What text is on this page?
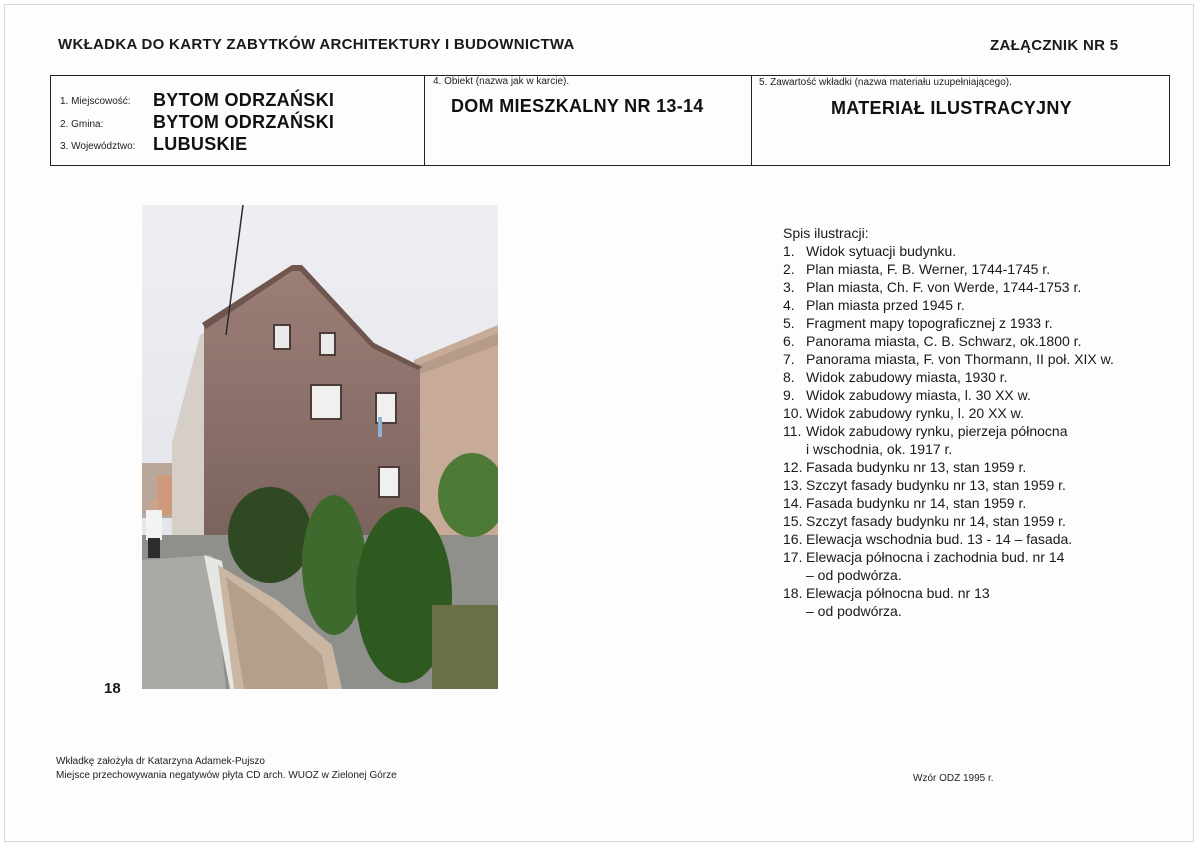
WKŁADKA DO KARTY ZABYTKÓW ARCHITEKTURY I BUDOWNICTWA	ZAŁĄCZNIK NR 5
1. Miejscowość: BYTOM ODRZAŃSKI
2. Gmina:	BYTOM ODRZAŃSKI
3. Województwo: LUBUSKIE
4. Obiekt (nazwa jak w karcie).
DOM MIESZKALNY NR 13-14
5. Zawartość wkładki (nazwa materiału uzupełniającego).
MATERIAŁ ILUSTRACYJNY
18
Spis ilustracji:
1. Widok sytuacji budynku.
2. Plan miasta, F. B. Werner, 1744-1745 r.
3. Plan miasta, Ch. F. von Werde, 1744-1753 r.
4. Plan miasta przed 1945 r.
5. Fragment mapy topograficznej z 1933 r.
6. Panorama miasta, C. B. Schwarz, ok.1800 r.
7. Panorama miasta, F. von Thormann, II poł. XIX w.
8. Widok zabudowy miasta, 1930 r.
9. Widok zabudowy miasta, l. 30 XX w.
10. Widok zabudowy rynku, l. 20 XX w.
11. Widok zabudowy rynku, pierzeja północna
i wschodnia, ok. 1917 r.
12. Fasada budynku nr 13, stan 1959 r.
13. Szczyt fasady budynku nr 13, stan 1959 r.
14. Fasada budynku nr 14, stan 1959 r.
15. Szczyt fasady budynku nr 14, stan 1959 r.
16. Elewacja wschodnia bud. 13 - 14 – fasada.
17. Elewacja północna i zachodnia bud. nr 14
– od podwórza.
18. Elewacja północna bud. nr 13
– od podwórza.
Wkładkę założyła dr Katarzyna Adamek-Pujszo
Miejsce przechowywania negatywów płyta CD arch. WUOZ w Zielonej Górze	Wzór ODZ 1995 r.
